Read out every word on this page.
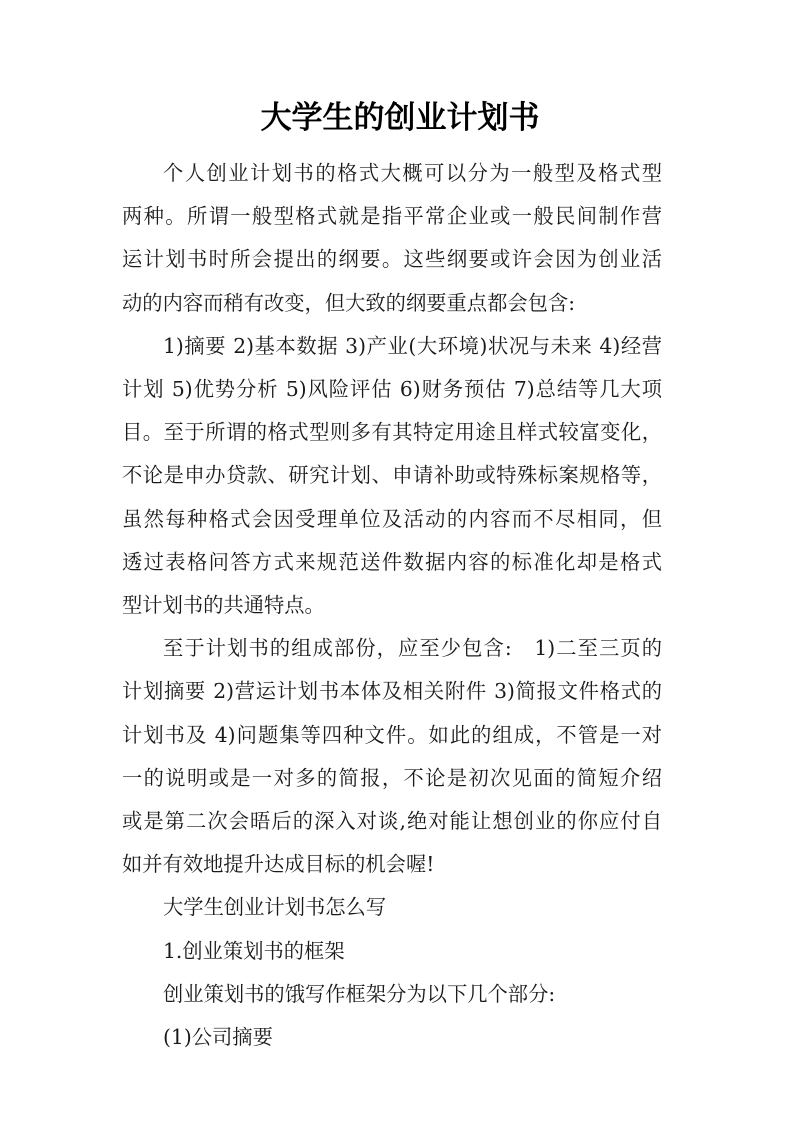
大学生的创业计划书
个人创业计划书的格式大概可以分为一般型及格式型
两种。所谓一般型格式就是指平常企业或一般民间制作营
运计划书时所会提出的纲要。这些纲要或许会因为创业活
动的内容而稍有改变，但大致的纲要重点都会包含:
1)摘要 2)基本数据 3)产业(大环境)状况与未来 4)经营
计划 5)优势分析 5)风险评估 6)财务预估 7)总结等几大项
目。至于所谓的格式型则多有其特定用途且样式较富变化，
不论是申办贷款、研究计划、申请补助或特殊标案规格等，
虽然每种格式会因受理单位及活动的内容而不尽相同，但
透过表格问答方式来规范送件数据内容的标准化却是格式
型计划书的共通特点。
至于计划书的组成部份，应至少包含:   1)二至三页的
计划摘要 2)营运计划书本体及相关附件 3)简报文件格式的
计划书及 4)问题集等四种文件。如此的组成，不管是一对
一的说明或是一对多的简报，不论是初次见面的简短介绍
或是第二次会晤后的深入对谈,绝对能让想创业的你应付自
如并有效地提升达成目标的机会喔!

大学生创业计划书怎么写

1.创业策划书的框架

创业策划书的饿写作框架分为以下几个部分:

(1)公司摘要
